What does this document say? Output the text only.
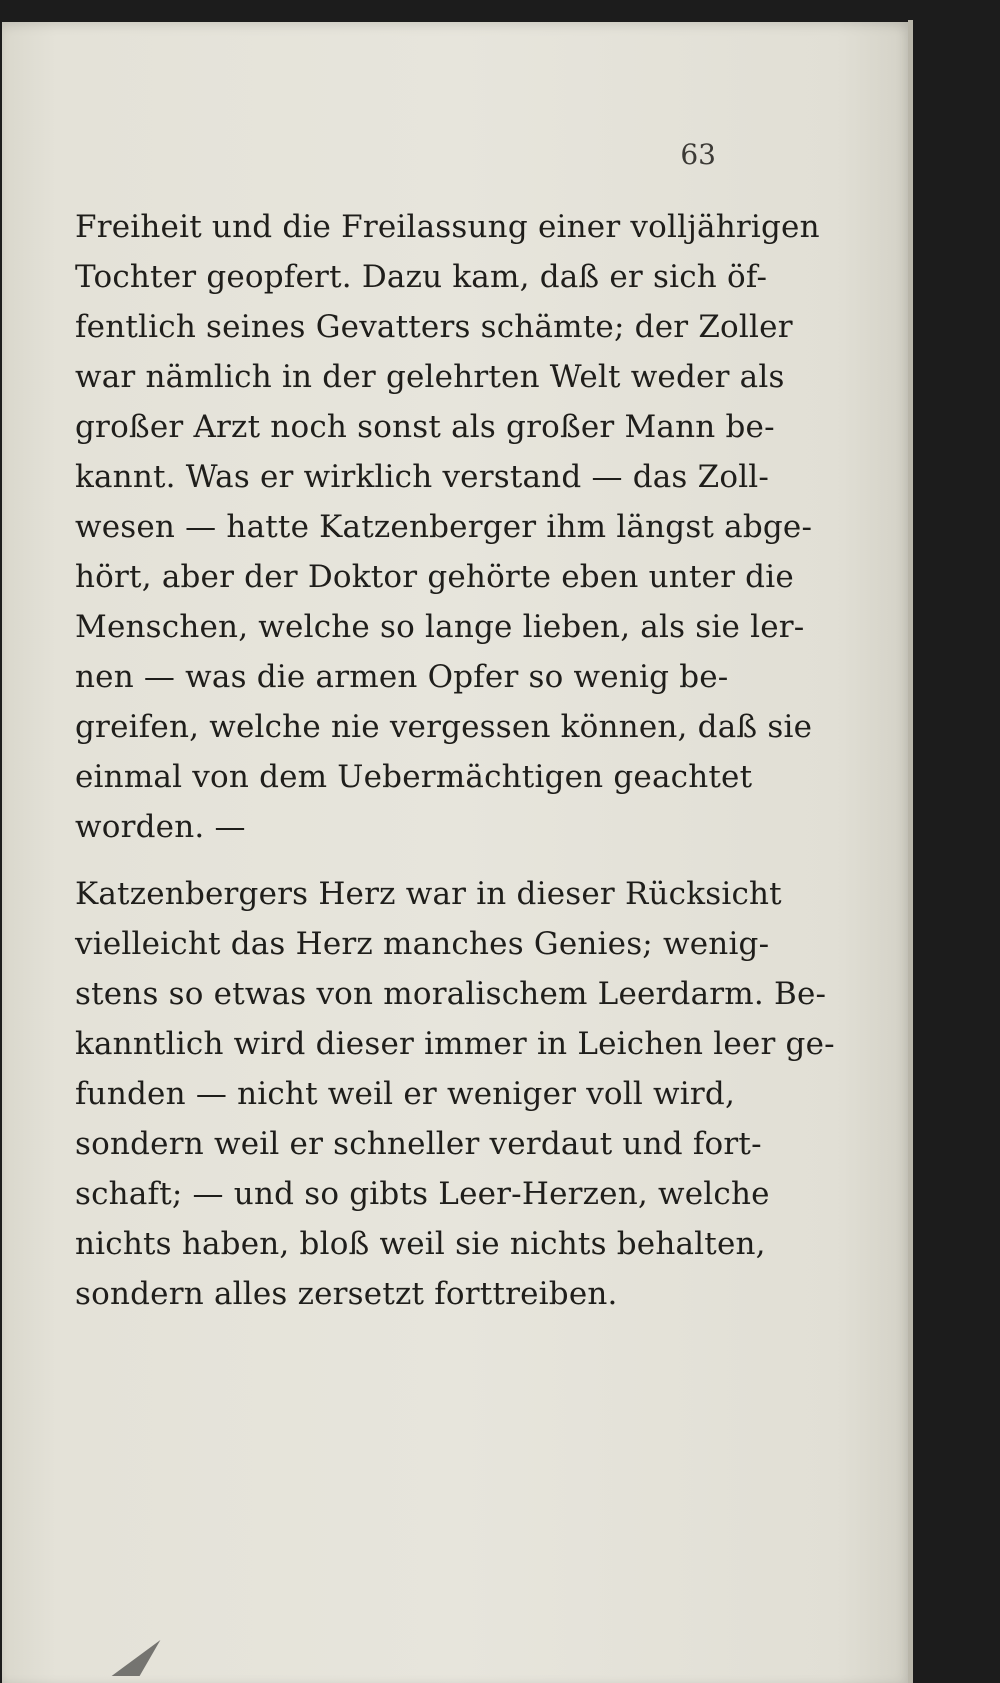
63
Freiheit und die Freilassung einer volljährigen
Tochter geopfert. Dazu kam, daß er sich öf-
fentlich seines Gevatters schämte; der Zoller
war nämlich in der gelehrten Welt weder als
großer Arzt noch sonst als großer Mann be-
kannt. Was er wirklich verstand — das Zoll-
wesen — hatte Katzenberger ihm längst abge-
hört, aber der Doktor gehörte eben unter die
Menschen, welche so lange lieben, als sie ler-
nen — was die armen Opfer so wenig be-
greifen, welche nie vergessen können, daß sie
einmal von dem Uebermächtigen geachtet
worden. —
Katzenbergers Herz war in dieser Rücksicht
vielleicht das Herz manches Genies; wenig-
stens so etwas von moralischem Leerdarm. Be-
kanntlich wird dieser immer in Leichen leer ge-
funden — nicht weil er weniger voll wird,
sondern weil er schneller verdaut und fort-
schaft; — und so gibts Leer-Herzen, welche
nichts haben, bloß weil sie nichts behalten,
sondern alles zersetzt forttreiben.
